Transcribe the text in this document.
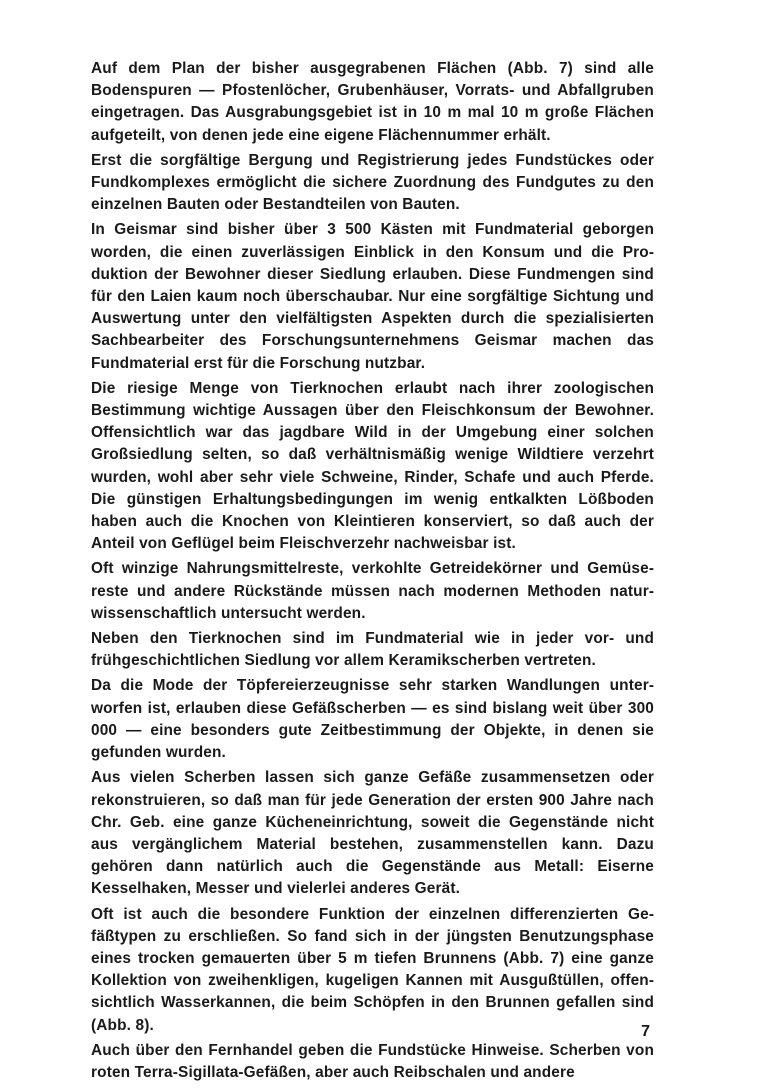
Auf dem Plan der bisher ausgegrabenen Flächen (Abb. 7) sind alle Bodenspuren — Pfostenlöcher, Grubenhäuser, Vorrats- und Abfallgruben eingetragen. Das Ausgrabungsgebiet ist in 10 m mal 10 m große Flächen aufgeteilt, von denen jede eine eigene Flächennummer erhält.

Erst die sorgfältige Bergung und Registrierung jedes Fundstückes oder Fundkomplexes ermöglicht die sichere Zuordnung des Fundgutes zu den einzelnen Bauten oder Bestandteilen von Bauten.

In Geismar sind bisher über 3 500 Kästen mit Fundmaterial geborgen worden, die einen zuverlässigen Einblick in den Konsum und die Produktion der Bewohner dieser Siedlung erlauben. Diese Fundmengen sind für den Laien kaum noch überschaubar. Nur eine sorgfältige Sichtung und Auswertung unter den vielfältigsten Aspekten durch die spezialisierten Sachbearbeiter des Forschungsunternehmens Geismar machen das Fundmaterial erst für die Forschung nutzbar.

Die riesige Menge von Tierknochen erlaubt nach ihrer zoologischen Bestimmung wichtige Aussagen über den Fleischkonsum der Bewohner. Offensichtlich war das jagdbare Wild in der Umgebung einer solchen Großsiedlung selten, so daß verhältnismäßig wenige Wildtiere verzehrt wurden, wohl aber sehr viele Schweine, Rinder, Schafe und auch Pferde. Die günstigen Erhaltungsbedingungen im wenig entkalkten Lößboden haben auch die Knochen von Kleintieren konserviert, so daß auch der Anteil von Geflügel beim Fleischverzehr nachweisbar ist.

Oft winzige Nahrungsmittelreste, verkohlte Getreidekörner und Gemüsereste und andere Rückstände müssen nach modernen Methoden naturwissenschaftlich untersucht werden.

Neben den Tierknochen sind im Fundmaterial wie in jeder vor- und frühgeschichtlichen Siedlung vor allem Keramikscherben vertreten.

Da die Mode der Töpfereierzeugnisse sehr starken Wandlungen unterworfen ist, erlauben diese Gefäßscherben — es sind bislang weit über 300 000 — eine besonders gute Zeitbestimmung der Objekte, in denen sie gefunden wurden.

Aus vielen Scherben lassen sich ganze Gefäße zusammensetzen oder rekonstruieren, so daß man für jede Generation der ersten 900 Jahre nach Chr. Geb. eine ganze Kücheneinrichtung, soweit die Gegenstände nicht aus vergänglichem Material bestehen, zusammenstellen kann. Dazu gehören dann natürlich auch die Gegenstände aus Metall: Eiserne Kesselhaken, Messer und vielerlei anderes Gerät.

Oft ist auch die besondere Funktion der einzelnen differenzierten Gefäßtypen zu erschließen. So fand sich in der jüngsten Benutzungsphase eines trocken gemauerten über 5 m tiefen Brunnens (Abb. 7) eine ganze Kollektion von zweihenkligen, kugeligen Kannen mit Ausgußtüllen, offensichtlich Wasserkannen, die beim Schöpfen in den Brunnen gefallen sind (Abb. 8).

Auch über den Fernhandel geben die Fundstücke Hinweise. Scherben von roten Terra-Sigillata-Gefäßen, aber auch Reibschalen und andere

7
